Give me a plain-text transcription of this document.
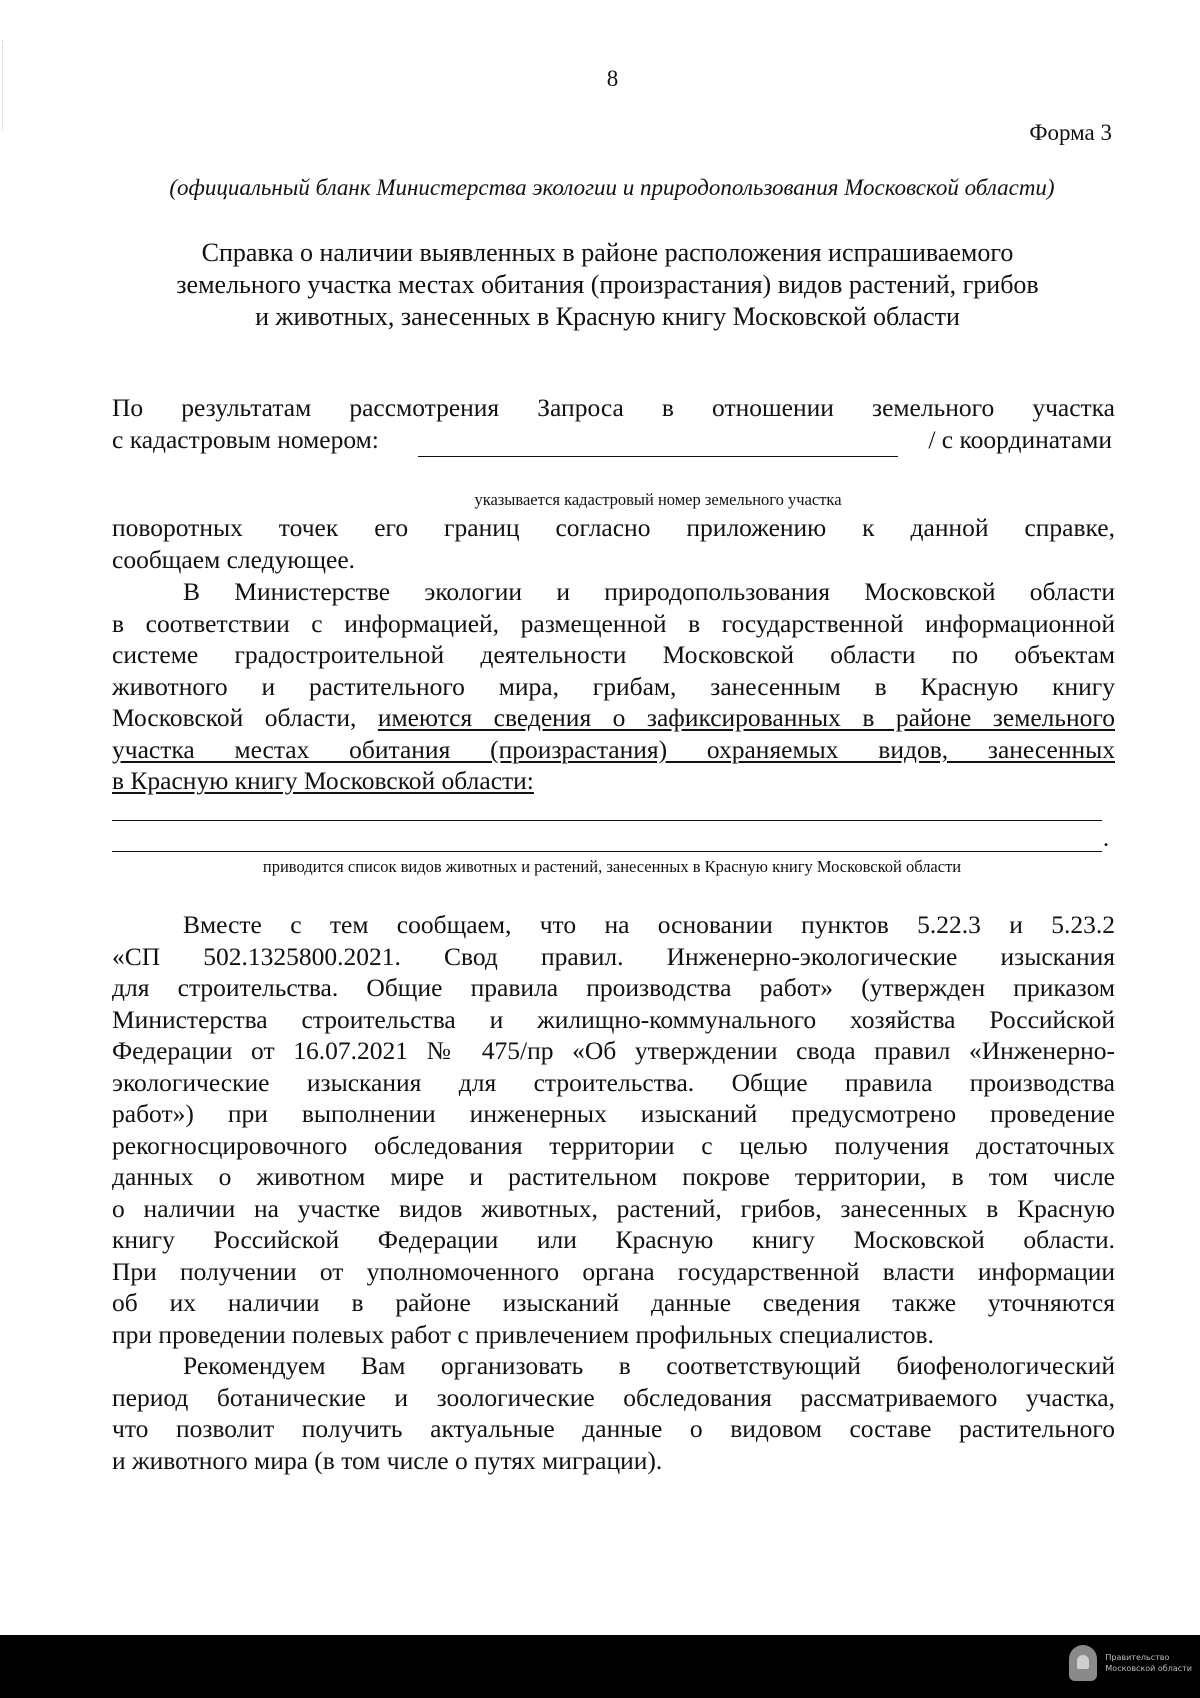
8
Форма 3
(официальный бланк Министерства экологии и природопользования Московской области)
Справка о наличии выявленных в районе расположения испрашиваемого
земельного участка местах обитания (произрастания) видов растений, грибов
и животных, занесенных в Красную книгу Московской области
По результатам рассмотрения Запроса в отношении земельного участка
с кадастровым номером:	/ с координатами
указывается кадастровый номер земельного участка
поворотных точек его границ согласно приложению к данной справке,
сообщаем следующее.
В Министерстве экологии и природопользования Московской области
в соответствии с информацией, размещенной в государственной информационной
системе градостроительной деятельности Московской области по объектам
животного и растительного мира, грибам, занесенным в Красную книгу
Московской области, имеются сведения о зафиксированных в районе земельного
участка местах обитания (произрастания) охраняемых видов, занесенных
в Красную книгу Московской области:
.
приводится список видов животных и растений, занесенных в Красную книгу Московской области
Вместе с тем сообщаем, что на основании пунктов 5.22.3 и 5.23.2
«СП 502.1325800.2021. Свод правил. Инженерно-экологические изыскания
для строительства. Общие правила производства работ» (утвержден приказом
Министерства строительства и жилищно-коммунального хозяйства Российской
Федерации от 16.07.2021 № 475/пр «Об утверждении свода правил «Инженерно-
экологические изыскания для строительства. Общие правила производства
работ») при выполнении инженерных изысканий предусмотрено проведение
рекогносцировочного обследования территории с целью получения достаточных
данных о животном мире и растительном покрове территории, в том числе
о наличии на участке видов животных, растений, грибов, занесенных в Красную
книгу Российской Федерации или Красную книгу Московской области.
При получении от уполномоченного органа государственной власти информации
об их наличии в районе изысканий данные сведения также уточняются
при проведении полевых работ с привлечением профильных специалистов.
Рекомендуем Вам организовать в соответствующий биофенологический
период ботанические и зоологические обследования рассматриваемого участка,
что позволит получить актуальные данные о видовом составе растительного
и животного мира (в том числе о путях миграции).
Правительство
Московской области
